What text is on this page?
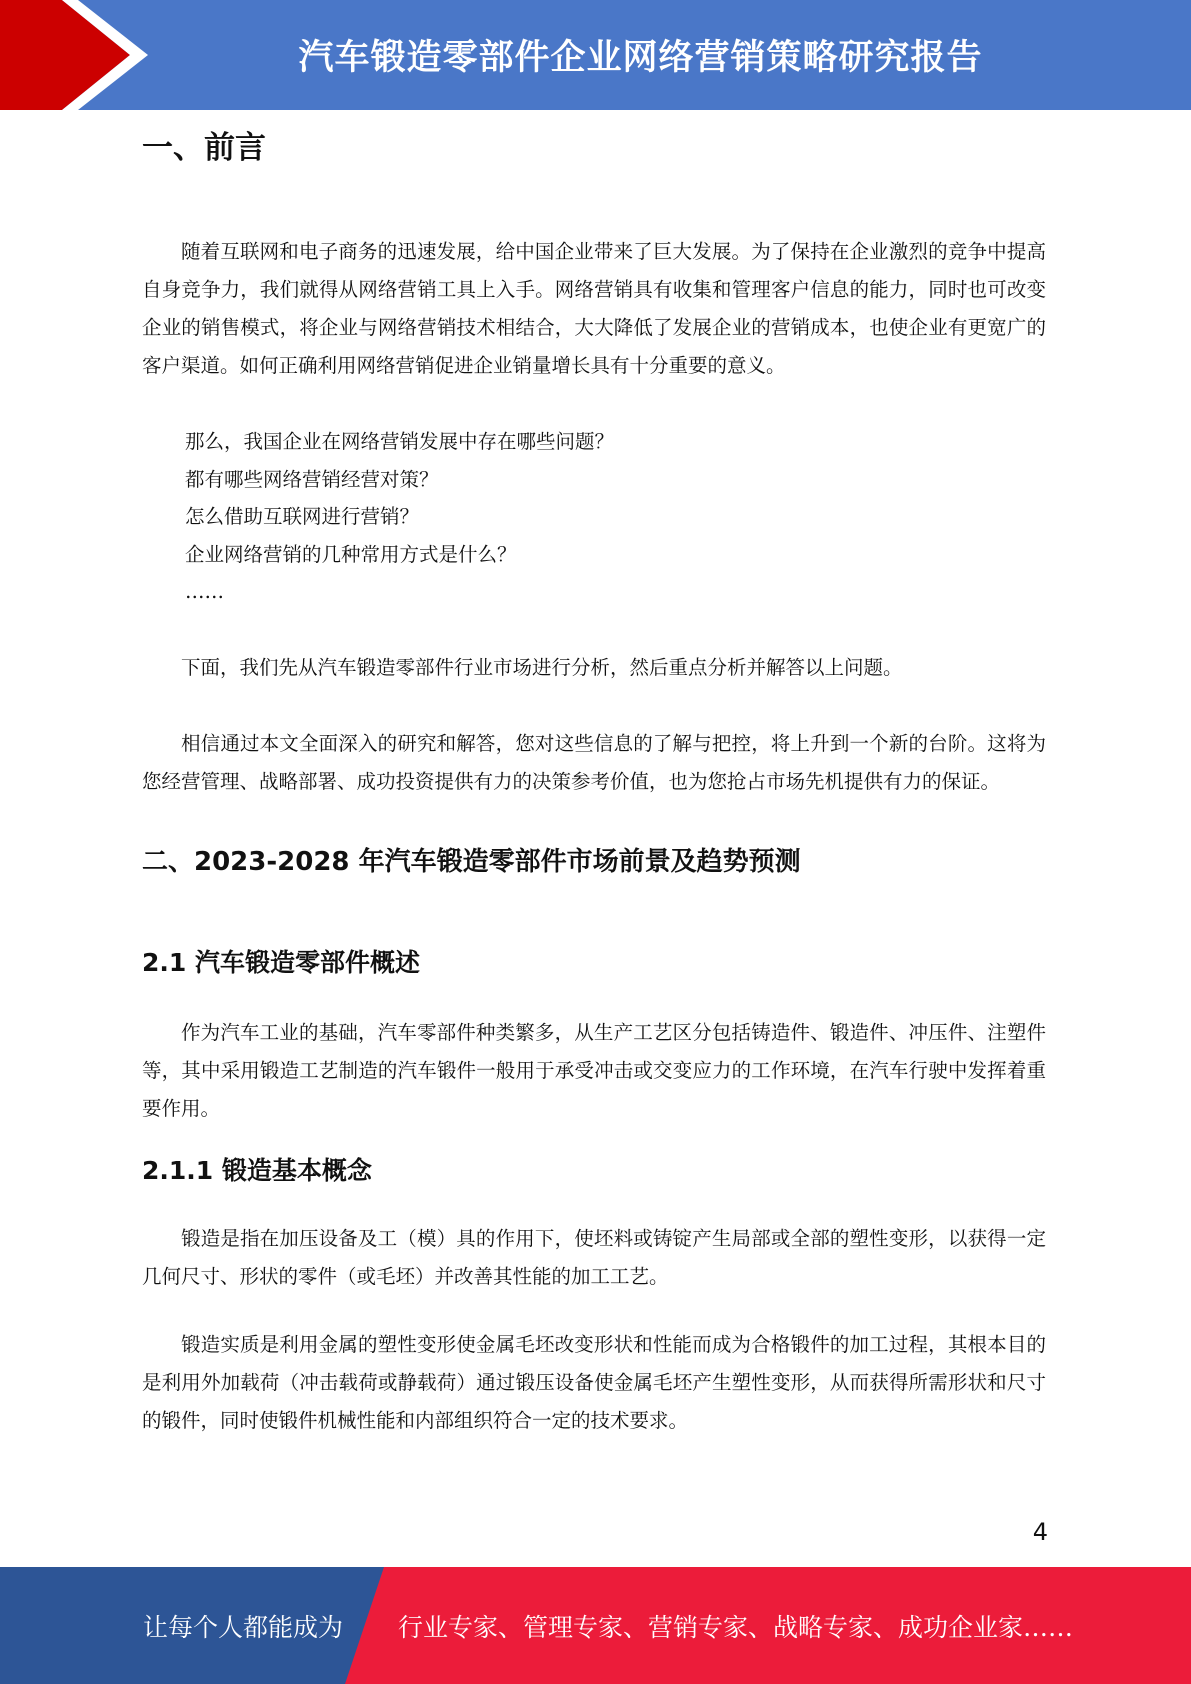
汽车锻造零部件企业网络营销策略研究报告
一、前言

随着互联网和电子商务的迅速发展，给中国企业带来了巨大发展。为了保持在企业激烈的竞争中提高自身竞争力，我们就得从网络营销工具上入手。网络营销具有收集和管理客户信息的能力，同时也可改变企业的销售模式，将企业与网络营销技术相结合，大大降低了发展企业的营销成本，也使企业有更宽广的客户渠道。如何正确利用网络营销促进企业销量增长具有十分重要的意义。

那么，我国企业在网络营销发展中存在哪些问题？
都有哪些网络营销经营对策？
怎么借助互联网进行营销？
企业网络营销的几种常用方式是什么？
……

下面，我们先从汽车锻造零部件行业市场进行分析，然后重点分析并解答以上问题。

相信通过本文全面深入的研究和解答，您对这些信息的了解与把控，将上升到一个新的台阶。这将为您经营管理、战略部署、成功投资提供有力的决策参考价值，也为您抢占市场先机提供有力的保证。

二、2023-2028 年汽车锻造零部件市场前景及趋势预测
2.1 汽车锻造零部件概述

作为汽车工业的基础，汽车零部件种类繁多，从生产工艺区分包括铸造件、锻造件、冲压件、注塑件等，其中采用锻造工艺制造的汽车锻件一般用于承受冲击或交变应力的工作环境，在汽车行驶中发挥着重要作用。

2.1.1 锻造基本概念

锻造是指在加压设备及工（模）具的作用下，使坯料或铸锭产生局部或全部的塑性变形，以获得一定几何尺寸、形状的零件（或毛坯）并改善其性能的加工工艺。

锻造实质是利用金属的塑性变形使金属毛坯改变形状和性能而成为合格锻件的加工过程，其根本目的是利用外加载荷（冲击载荷或静载荷）通过锻压设备使金属毛坯产生塑性变形，从而获得所需形状和尺寸的锻件，同时使锻件机械性能和内部组织符合一定的技术要求。

4
让每个人都能成为 行业专家、管理专家、营销专家、战略专家、成功企业家……
